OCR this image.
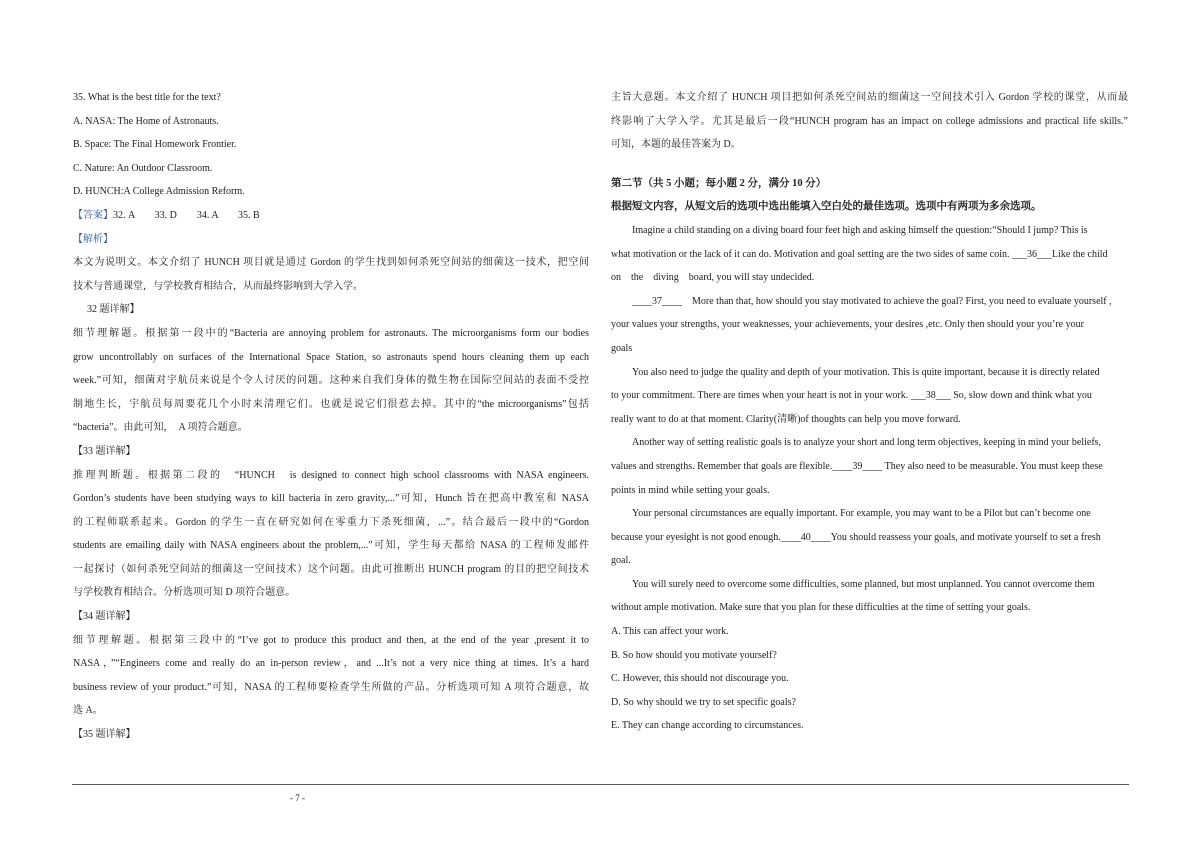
35. What is the best title for the text?
A. NASA: The Home of Astronauts.
B. Space: The Final Homework Frontier.
C. Nature: An Outdoor Classroom.
D. HUNCH:A College Admission Reform.
【答案】32. A　　33. D　　34. A　　35. B
【解析】
本文为说明文。本文介绍了 HUNCH 项目就是通过 Gordon 的学生找到如何杀死空间站的细菌这一技术，把空间
技术与普通课堂，与学校教育相结合，从而最终影响到大学入学。
32 题详解】
细节理解题。根据第一段中的“Bacteria are annoying problem for astronauts. The microorganisms form our bodies
grow uncontrollably on surfaces of the International Space Station, so astronauts spend hours cleaning them up each
week.”可知，细菌对宇航员来说是个令人讨厌的问题。这种来自我们身体的微生物在国际空间站的表面不受控
制地生长，宇航员每周要花几个小时来清理它们。也就是说它们很惹去掉。其中的“the microorganisms”包括
“bacteria”。由此可知，　A 项符合题意。
【33 题详解】
推理判断题。根据第二段的　“HUNCH　is designed to connect high school classrooms with NASA engineers.
Gordon’s students have been studying ways to kill bacteria in zero gravity,...”可知，Hunch 旨在把高中教室和 NASA
的工程师联系起来。Gordon 的学生一直在研究如何在零重力下杀死细菌，...”。结合最后一段中的“Gordon
students are emailing daily with NASA engineers about the problem,...”可知，学生每天都给 NASA 的工程师发邮件
一起探讨（如何杀死空间站的细菌这一空间技术）这个问题。由此可推断出 HUNCH program 的目的把空间技术
与学校教育相结合。分析选项可知 D 项符合题意。
【34 题详解】
细节理解题。根据第三段中的“I’ve got to produce this product and then, at the end of the year ,present it to
NASA，”“Engineers come and really do an in-person review，and ...It’s not a very nice thing at times. It’s a hard
business review of your product.”可知，NASA 的工程师要检查学生所做的产品。分析选项可知 A 项符合题意，故
选 A。
【35 题详解】
主旨大意题。本文介绍了 HUNCH 项目把如何杀死空间站的细菌这一空间技术引入 Gordon 学校的课堂，从而最
终影响了大学入学。尤其是最后一段“HUNCH program has an impact on college admissions and practical life skills.”
可知，本题的最佳答案为 D。
第二节（共 5 小题；每小题 2 分，满分 10 分）
根据短文内容，从短文后的选项中选出能填入空白处的最佳选项。选项中有两项为多余选项。
Imagine a child standing on a diving board four feet high and asking himself the question:“Should I jump? This is
what motivation or the lack of it can do. Motivation and goal setting are the two sides of same coin. ___36___Like the child
on　the　diving　board, you will stay undecided.
____37____　More than that, how should you stay motivated to achieve the goal? First, you need to evaluate yourself ,
your values your strengths, your weaknesses, your achievements, your desires ,etc. Only then should your you’re your
goals
You also need to judge the quality and depth of your motivation. This is quite important, because it is directly related
to your commitment. There are times when your heart is not in your work. ___38___ So, slow down and think what you
really want to do at that moment. Clarity(清晰)of thoughts can help you move forward.
Another way of setting realistic goals is to analyze your short and long term objectives, keeping in mind your beliefs,
values and strengths. Remember that goals are flexible.____39____ They also need to be measurable. You must keep these
points in mind while setting your goals.
Your personal circumstances are equally important. For example, you may want to be a Pilot but can’t become one
because your eyesight is not good enough.____40____You should reassess your goals, and motivate yourself to set a fresh
goal.
You will surely need to overcome some difficulties, some planned, but most unplanned. You cannot overcome them
without ample motivation. Make sure that you plan for these difficulties at the time of setting your goals.
A. This can affect your work.
B. So how should you motivate yourself?
C. However, this should not discourage you.
D. So why should we try to set specific goals?
E. They can change according to circumstances.
- 7 -
